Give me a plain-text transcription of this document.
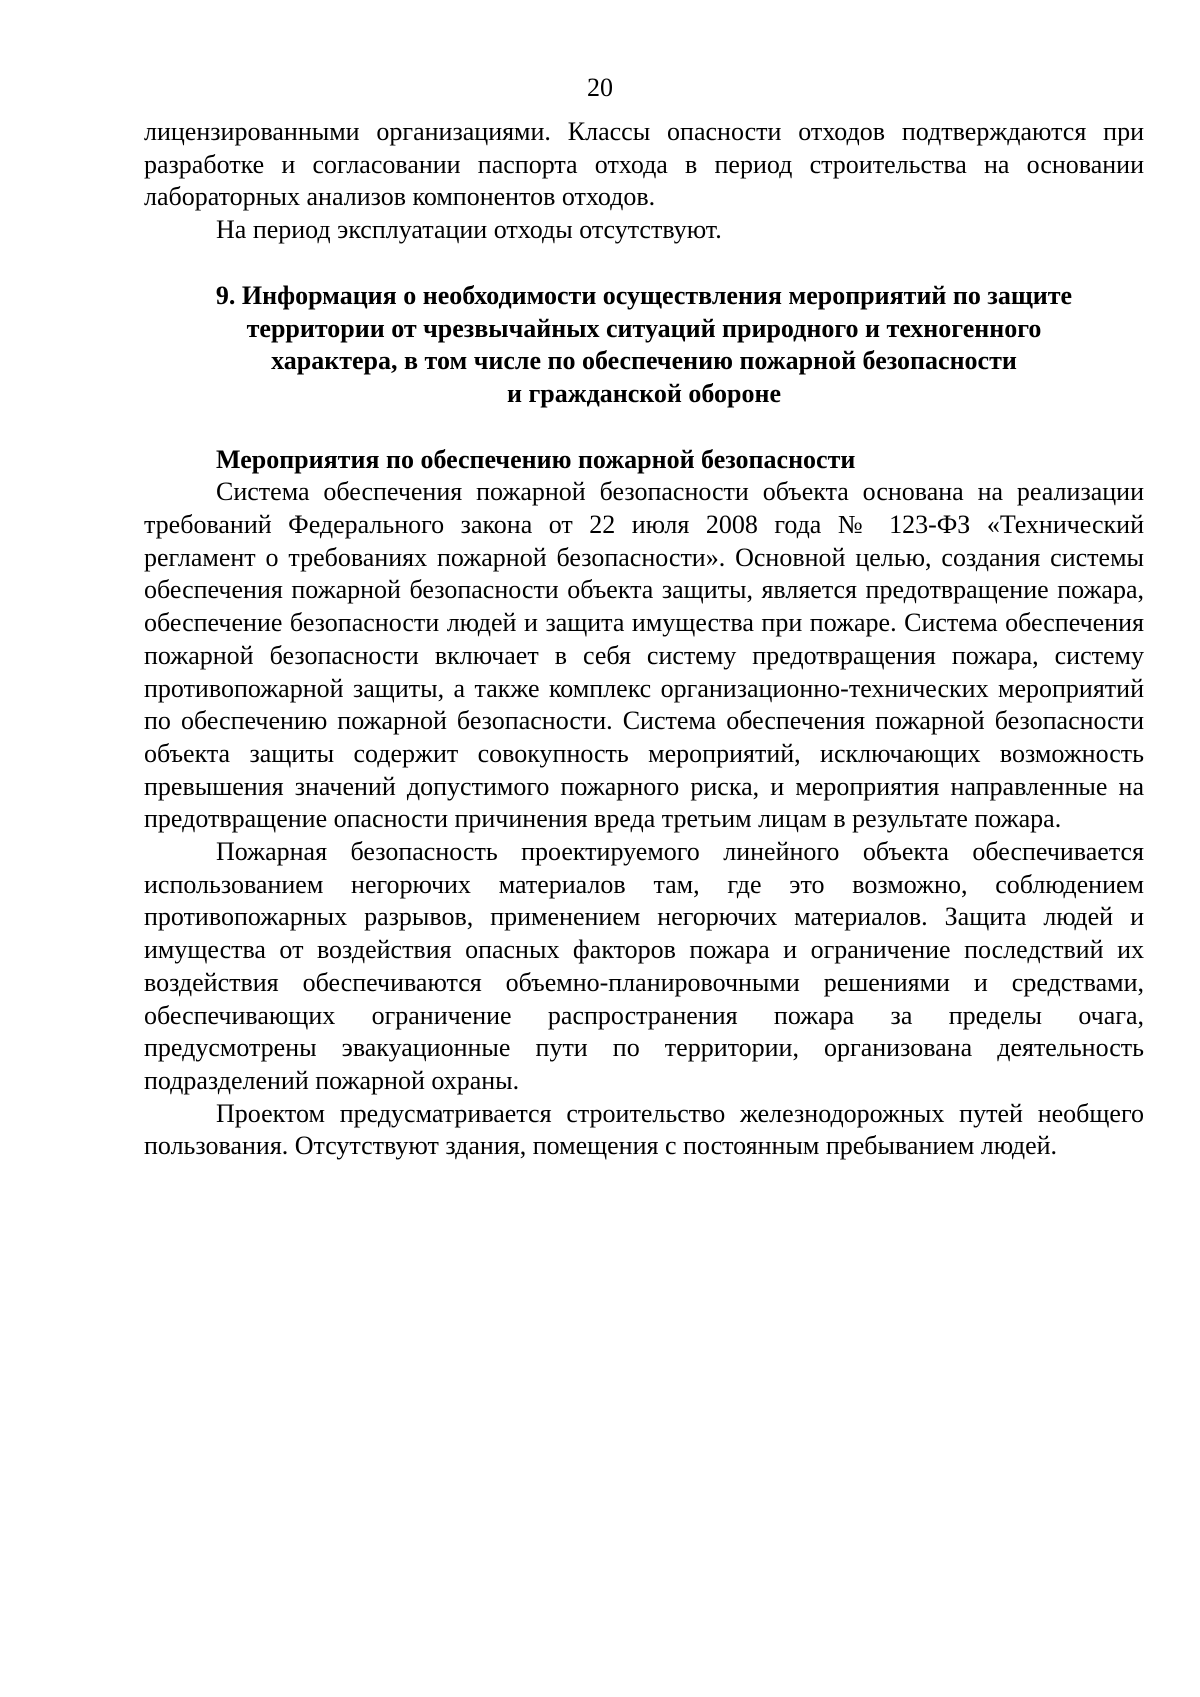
20

лицензированными организациями. Классы опасности отходов подтверждаются при разработке и согласовании паспорта отхода в период строительства на основании лабораторных анализов компонентов отходов.

На период эксплуатации отходы отсутствуют.

9. Информация о необходимости осуществления мероприятий по защите
территории от чрезвычайных ситуаций природного и техногенного
характера, в том числе по обеспечению пожарной безопасности
и гражданской обороне
Мероприятия по обеспечению пожарной безопасности

Система обеспечения пожарной безопасности объекта основана на реализации требований Федерального закона от 22 июля 2008 года № 123-ФЗ «Технический регламент о требованиях пожарной безопасности». Основной целью, создания системы обеспечения пожарной безопасности объекта защиты, является предотвращение пожара, обеспечение безопасности людей и защита имущества при пожаре. Система обеспечения пожарной безопасности включает в себя систему предотвращения пожара, систему противопожарной защиты, а также комплекс организационно-технических мероприятий по обеспечению пожарной безопасности. Система обеспечения пожарной безопасности объекта защиты содержит совокупность мероприятий, исключающих возможность превышения значений допустимого пожарного риска, и мероприятия направленные на предотвращение опасности причинения вреда третьим лицам в результате пожара.

Пожарная безопасность проектируемого линейного объекта обеспечивается использованием негорючих материалов там, где это возможно, соблюдением противопожарных разрывов, применением негорючих материалов. Защита людей и имущества от воздействия опасных факторов пожара и ограничение последствий их воздействия обеспечиваются объемно-планировочными решениями и средствами, обеспечивающих ограничение распространения пожара за пределы очага, предусмотрены эвакуационные пути по территории, организована деятельность подразделений пожарной охраны.

Проектом предусматривается строительство железнодорожных путей необщего пользования. Отсутствуют здания, помещения с постоянным пребыванием людей.
